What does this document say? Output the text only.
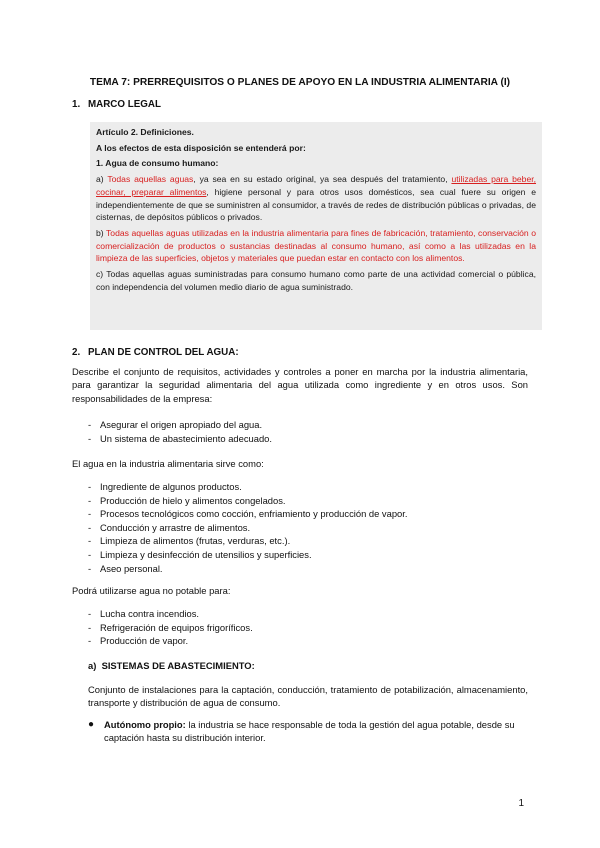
TEMA 7: PRERREQUISITOS O PLANES DE APOYO EN LA INDUSTRIA ALIMENTARIA (I)
1. MARCO LEGAL

Artículo 2. Definiciones.

A los efectos de esta disposición se entenderá por:

1. Agua de consumo humano:

a) Todas aquellas aguas, ya sea en su estado original, ya sea después del tratamiento, utilizadas para beber, cocinar, preparar alimentos, higiene personal y para otros usos domésticos, sea cual fuere su origen e independientemente de que se suministren al consumidor, a través de redes de distribución públicas o privadas, de cisternas, de depósitos públicos o privados.

b) Todas aquellas aguas utilizadas en la industria alimentaria para fines de fabricación, tratamiento, conservación o comercialización de productos o sustancias destinadas al consumo humano, así como a las utilizadas en la limpieza de las superficies, objetos y materiales que puedan estar en contacto con los alimentos.

c) Todas aquellas aguas suministradas para consumo humano como parte de una actividad comercial o pública, con independencia del volumen medio diario de agua suministrado.

2. PLAN DE CONTROL DEL AGUA:

Describe el conjunto de requisitos, actividades y controles a poner en marcha por la industria alimentaria, para garantizar la seguridad alimentaria del agua utilizada como ingrediente y en otros usos. Son responsabilidades de la empresa:

- Asegurar el origen apropiado del agua.
- Un sistema de abastecimiento adecuado.

El agua en la industria alimentaria sirve como:

- Ingrediente de algunos productos.
- Producción de hielo y alimentos congelados.
- Procesos tecnológicos como cocción, enfriamiento y producción de vapor.
- Conducción y arrastre de alimentos.
- Limpieza de alimentos (frutas, verduras, etc.).
- Limpieza y desinfección de utensilios y superficies.
- Aseo personal.

Podrá utilizarse agua no potable para:

- Lucha contra incendios.
- Refrigeración de equipos frigoríficos.
- Producción de vapor.
a) SISTEMAS DE ABASTECIMIENTO:

Conjunto de instalaciones para la captación, conducción, tratamiento de potabilización, almacenamiento, transporte y distribución de agua de consumo.

● Autónomo propio: la industria se hace responsable de toda la gestión del agua potable, desde su captación hasta su distribución interior.
1
